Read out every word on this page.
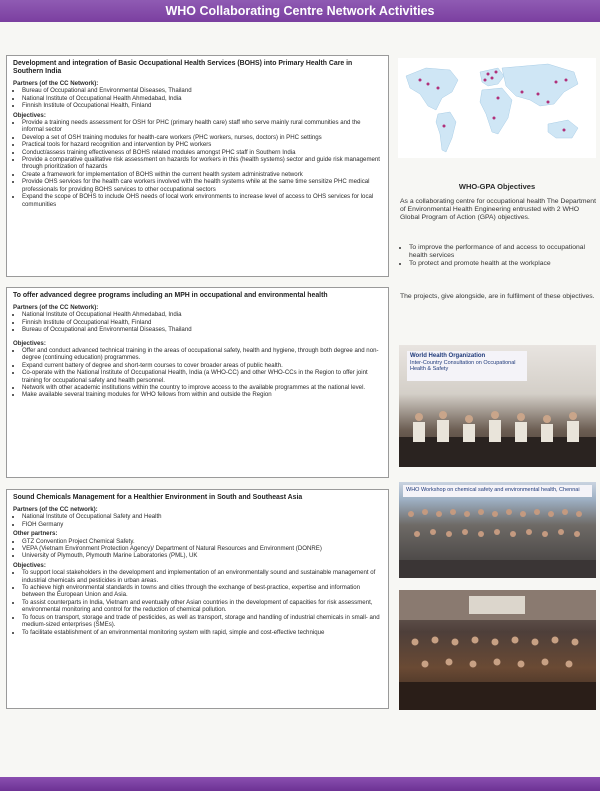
WHO Collaborating Centre Network Activities
Development and integration of Basic Occupational Health Services (BOHS) into Primary Health Care in Southern India
Partners (of the CC Network):
• Bureau of Occupational and Environmental Diseases, Thailand
• National Institute of Occupational Health Ahmedabad, India
• Finnish Institute of Occupational Health, Finland
Objectives:
• Provide a training needs assessment for OSH for PHC (primary health care) staff who serve mainly rural communities and the informal sector
• Develop a set of OSH training modules for health-care workers (PHC workers, nurses, doctors) in PHC settings
• Practical tools for hazard recognition and intervention by PHC workers
• Conduct/assess training effectiveness of BOHS related modules amongst PHC staff in Southern India
• Provide a comparative qualitative risk assessment on hazards for workers in this (health systems) sector and guide risk management through prioritization of hazards
• Create a framework for implementation of BOHS within the current health system administrative network
• Provide OHS services for the health care workers involved with the health systems while at the same time sensitize PHC medical professionals for providing BOHS services to other occupational sectors
• Expand the scope of BOHS to include OHS needs of local work environments to increase level of access to OHS services for local communities
To offer advanced degree programs including an MPH in occupational and environmental health
Partners (of the CC Network):
• National Institute of Occupational Health Ahmedabad, India
• Finnish Institute of Occupational Health, Finland
• Bureau of Occupational and Environmental Diseases, Thailand
Objectives:
• Offer and conduct advanced technical training in the areas of occupational safety, health and hygiene, through both degree and non-degree (continuing education) programmes.
• Expand current battery of degree and short-term courses to cover broader areas of public health.
• Co-operate with the National Institute of Occupational Health, India (a WHO-CC) and other WHO-CCs in the Region to offer joint training for occupational safety and health personnel.
• Network with other academic institutions within the country to improve access to the available programmes at the national level.
• Make available several training modules for WHO fellows from within and outside the Region
Sound Chemicals Management for a Healthier Environment in South and Southeast Asia
Partners (of the CC network):
• National Institute of Occupational Safety and Health
• FIOH Germany
Other partners:
• GTZ Convention Project Chemical Safety.
• VEPA (Vietnam Environment Protection Agency)/ Department of Natural Resources and Environment (DONRE)
• University of Plymouth, Plymouth Marine Laboratories (PML), UK
Objectives:
• To support local stakeholders in the development and implementation of an environmentally sound and sustainable management of industrial chemicals and pesticides in urban areas.
• To achieve high environmental standards in towns and cities through the exchange of best-practice, expertise and information between the European Union and Asia.
• To assist counterparts in India, Vietnam and eventually other Asian countries in the development of capacities for risk assessment, environmental monitoring and control for the reduction of chemical pollution.
• To focus on transport, storage and trade of pesticides, as well as transport, storage and handling of industrial chemicals in small- and medium-sized enterprises (SMEs).
• To facilitate establishment of an environmental monitoring system with rapid, simple and cost-effective technique
WHO-GPA Objectives
As a collaborating centre for occupational health The Department of Environmental Health Engineering entrusted with 2 WHO Global Program of Action (GPA) objectives.
• To improve the performance of and access to occupational health services
• To protect and promote health at the workplace
The projects, give alongside, are in fulfilment of these objectives.
World Health Organization
Inter-Country Consultation on Occupational Health & Safety
WHO Workshop on chemical safety and environmental health, Chennai
